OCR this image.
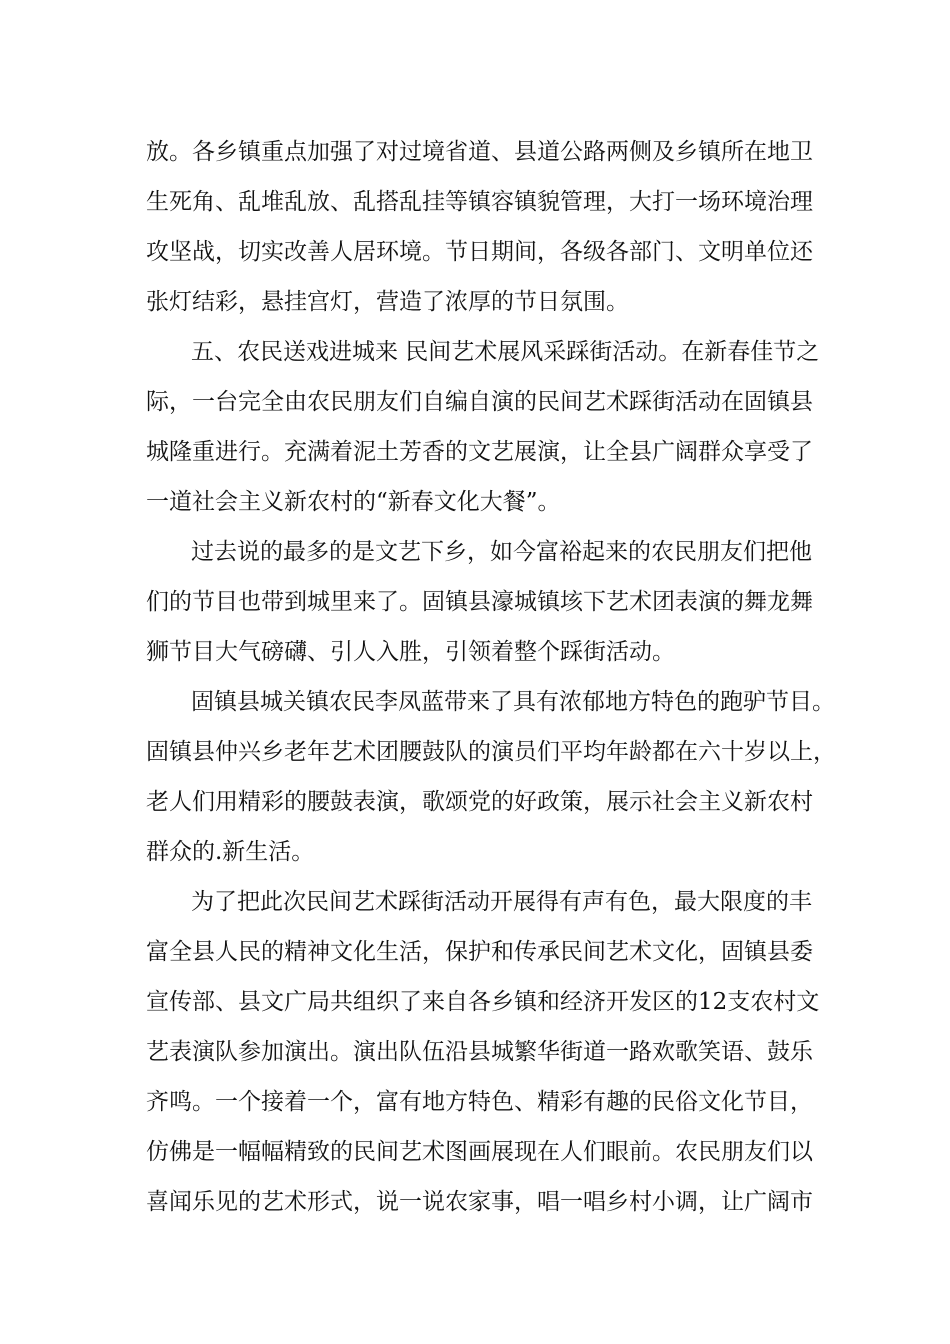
放。各乡镇重点加强了对过境省道、县道公路两侧及乡镇所在地卫
生死角、乱堆乱放、乱搭乱挂等镇容镇貌管理，大打一场环境治理
攻坚战，切实改善人居环境。节日期间，各级各部门、文明单位还
张灯结彩，悬挂宫灯，营造了浓厚的节日氛围。
五、农民送戏进城来 民间艺术展风采踩街活动。在新春佳节之
际，一台完全由农民朋友们自编自演的民间艺术踩街活动在固镇县
城隆重进行。充满着泥土芳香的文艺展演，让全县广阔群众享受了
一道社会主义新农村的“新春文化大餐”。
过去说的最多的是文艺下乡，如今富裕起来的农民朋友们把他
们的节目也带到城里来了。固镇县濠城镇垓下艺术团表演的舞龙舞
狮节目大气磅礴、引人入胜，引领着整个踩街活动。
固镇县城关镇农民李凤蓝带来了具有浓郁地方特色的跑驴节目。
固镇县仲兴乡老年艺术团腰鼓队的演员们平均年龄都在六十岁以上，
老人们用精彩的腰鼓表演，歌颂党的好政策，展示社会主义新农村
群众的.新生活。
为了把此次民间艺术踩街活动开展得有声有色，最大限度的丰
富全县人民的精神文化生活，保护和传承民间艺术文化，固镇县委
宣传部、县文广局共组织了来自各乡镇和经济开发区的12支农村文
艺表演队参加演出。演出队伍沿县城繁华街道一路欢歌笑语、鼓乐
齐鸣。一个接着一个，富有地方特色、精彩有趣的民俗文化节目，
仿佛是一幅幅精致的民间艺术图画展现在人们眼前。农民朋友们以
喜闻乐见的艺术形式，说一说农家事，唱一唱乡村小调，让广阔市
